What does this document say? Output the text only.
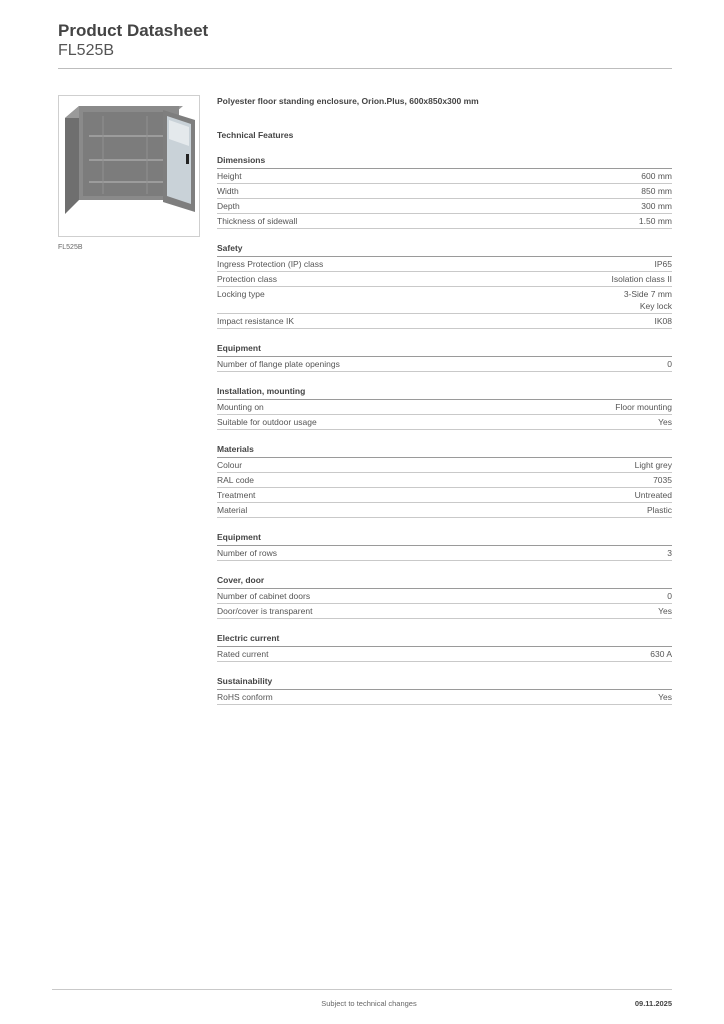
Product Datasheet
FL525B
FL525B
Polyester floor standing enclosure, Orion.Plus, 600x850x300 mm
Technical Features
Dimensions
Height	600 mm
Width	850 mm
Depth	300 mm
Thickness of sidewall	1.50 mm
Safety
Ingress Protection (IP) class	IP65
Protection class	Isolation class II
Locking type	3-Side 7 mm
Key lock
Impact resistance IK	IK08
Equipment
Number of flange plate openings	0
Installation, mounting
Mounting on	Floor mounting
Suitable for outdoor usage	Yes
Materials
Colour	Light grey
RAL code	7035
Treatment	Untreated
Material	Plastic
Equipment
Number of rows	3
Cover, door
Number of cabinet doors	0
Door/cover is transparent	Yes
Electric current
Rated current	630 A
Sustainability
RoHS conform	Yes
Subject to technical changes	09.11.2025
